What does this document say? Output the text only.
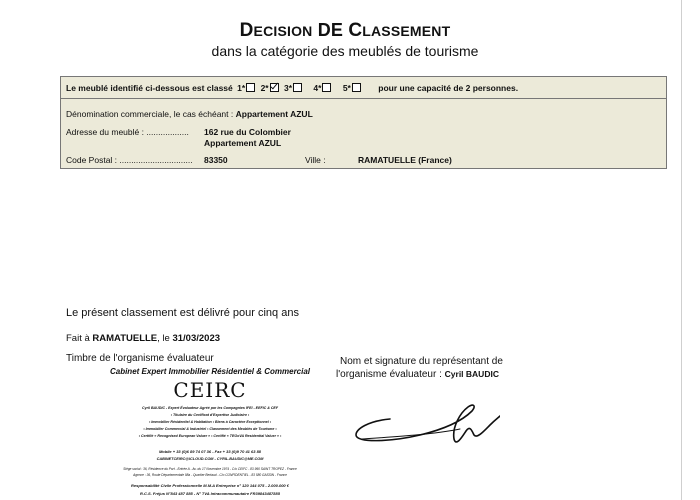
DECISION DE CLASSEMENT
dans la catégorie des meublés de tourisme
Le meublé identifié ci-dessous est classé 1* 2* 3*	4*	5*	pour une capacité de 2 personnes.
Dénomination commerciale, le cas échéant : Appartement AZUL
Adresse du meublé : .................. 162 rue du Colombier
Appartement AZUL
Code Postal : ............................... 83350	Ville :	RAMATUELLE (France)
Le présent classement est délivré pour cinq ans
Fait à RAMATUELLE, le 31/03/2023
Timbre de l'organisme évaluateur	Nom et signature du représentant de
l'organisme évaluateur : Cyril BAUDIC
Cabinet Expert Immobilier Résidentiel & Commercial
CEIRC
Cyril BAUDIC - Expert Évaluateur Agréé par les Compagnies IFEI - EEFIC & CEF
• Titulaire du Certificat d'Expertise Judiciaire •
• Immobilier Résidentiel & Habitation • Biens à Caractère Exceptionnel •
• Immobilier Commercial & Industriel • Classement des Meublés de Tourisme •
• Certifié « Recognised European Valuer » • Certifié « TEGoVA Residential Valuer » •
Mobile + 33 (0)6 89 74 07 36 - Fax + 33 (0)9 70 41 63 88
CABINETCEIRC@ICLOUD.COM - CYRIL.BAUDIC@ME.COM
Siège social : 36, Résidence du Port - Entrée A - Av. du 17 Novembre 1974 - C/o CEIFC - 83 990 SAINT TROPEZ - France
Agence : 36, Route Départementale 98a - Quartier Bertaud - C/o CONFIDENTIEL - 83 580 GASSIN - France
Responsabilité Civile Professionnelle M.M.A Entreprise n° 120 144 075 - 2.000.000 €
R.C.S. Fréjus N°843 487 885 - N° TVA Intracommunautaire FR39843487885
